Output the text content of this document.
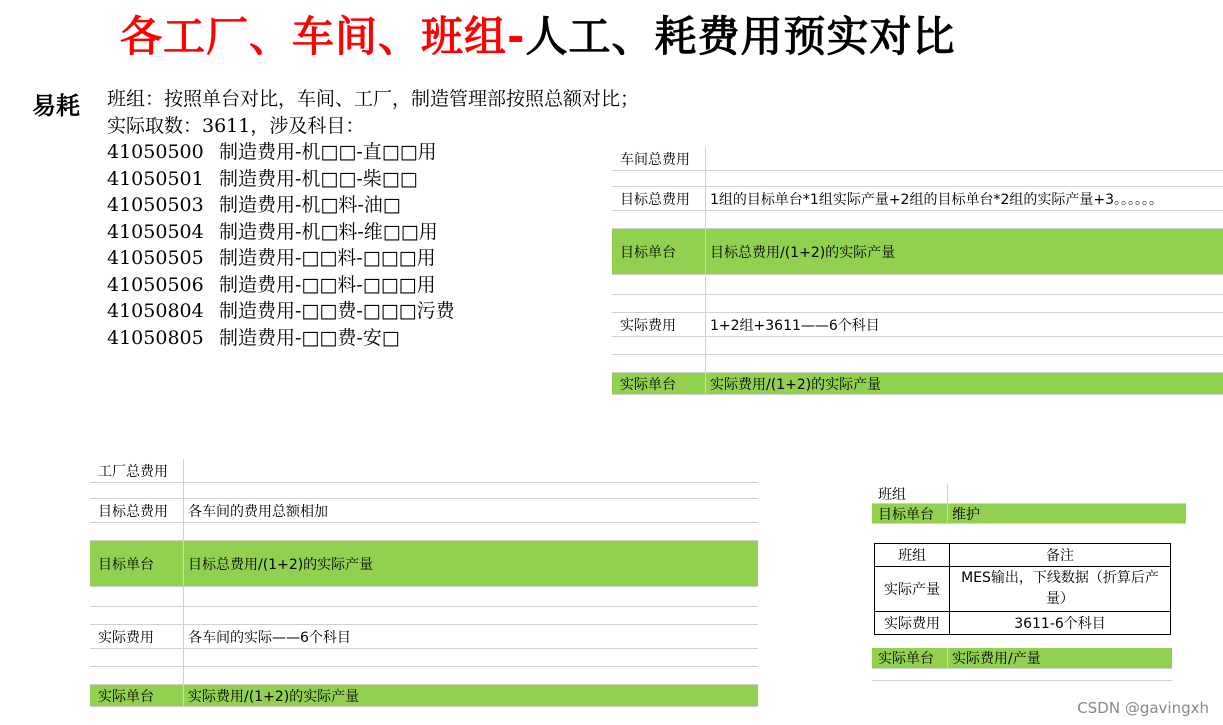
各工厂、车间、班组-人工、耗费用预实对比
易耗 班组：按照单台对比，车间、工厂，制造管理部按照总额对比；
实际取数：3611，涉及科目：
41050500 制造费用-机□□-直□□用
41050501 制造费用-机□□-柴□□
41050503 制造费用-机□料-油□
41050504 制造费用-机□料-维□□用
41050505 制造费用-□□料-□□□用
41050506 制造费用-□□料-□□□用
41050804 制造费用-□□费-□□□污费
41050805 制造费用-□□费-安□
车间总费用
目标总费用	1组的目标单台*1组实际产量+2组的目标单台*2组的实际产量+3。。。。。。
目标单台	目标总费用/(1+2)的实际产量
实际费用	1+2组+3611——6个科目
实际单台	实际费用/(1+2)的实际产量
工厂总费用
目标总费用	各车间的费用总额相加
目标单台	目标总费用/(1+2)的实际产量
实际费用	各车间的实际——6个科目
实际单台	实际费用/(1+2)的实际产量
班组
目标单台	维护
班组	备注
实际产量	MES输出，下线数据（折算后产量）
实际费用	3611-6个科目
实际单台	实际费用/产量
CSDN @gavingxh
